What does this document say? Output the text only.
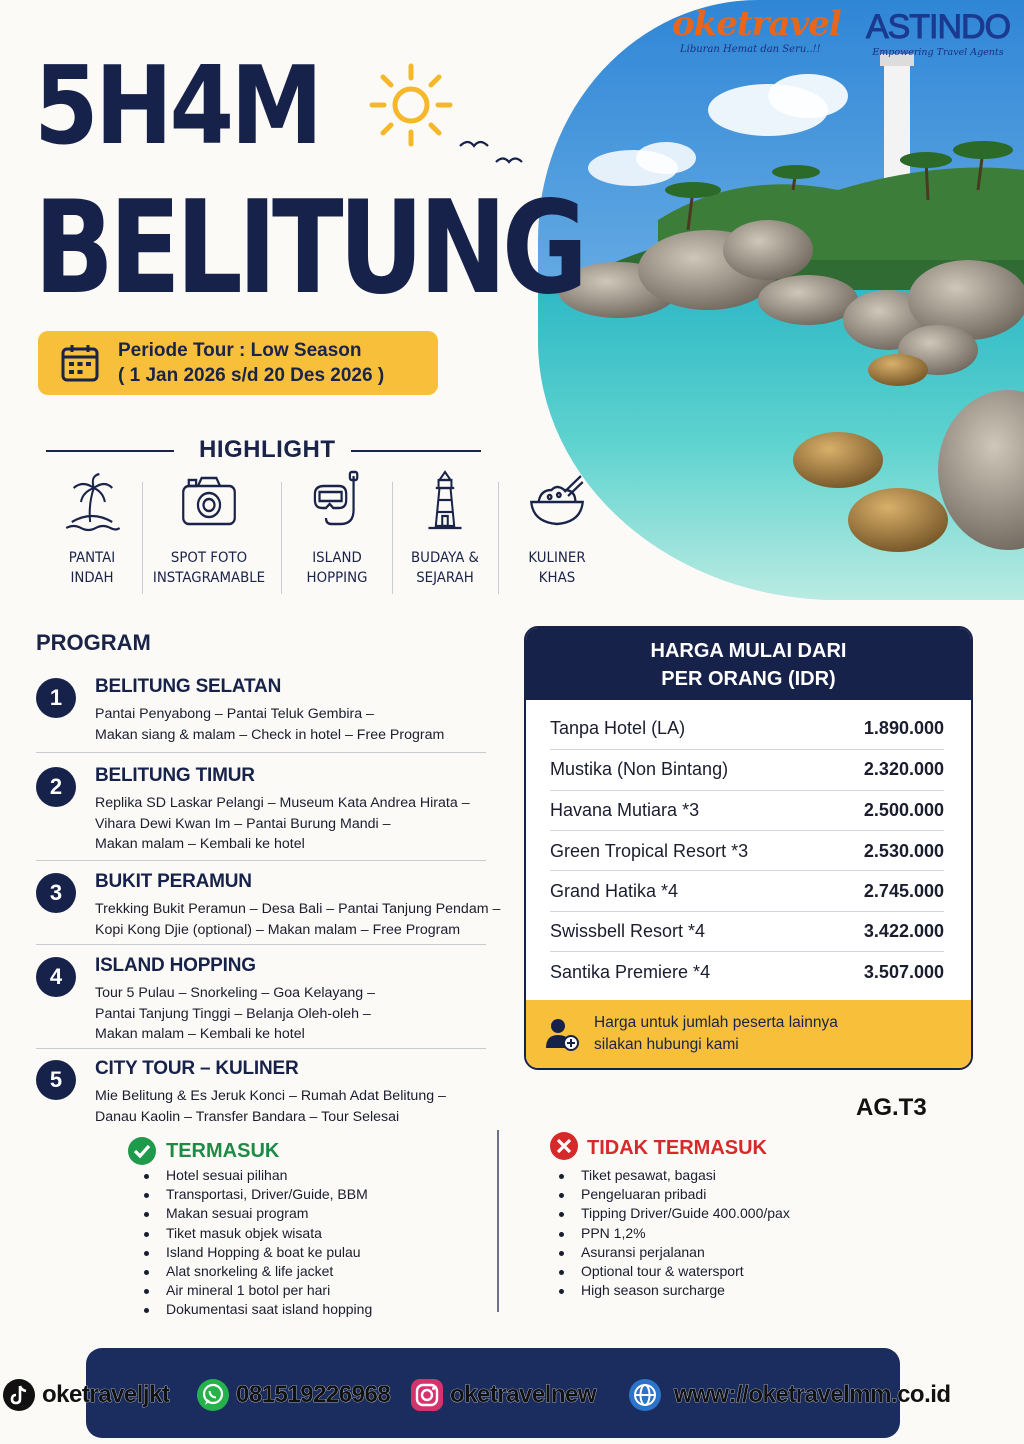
oketravel
Liburan Hemat dan Seru..!!
ASTINDO
Empowering Travel Agents
5H4M
BELITUNG
Periode Tour : Low Season
( 1 Jan 2026 s/d 20 Des 2026 )
HIGHLIGHT
PANTAI
INDAH
SPOT FOTO
INSTAGRAMABLE
ISLAND
HOPPING
BUDAYA &
SEJARAH
KULINER
KHAS
PROGRAM
1	BELITUNG SELATAN
Pantai Penyabong – Pantai Teluk Gembira –
Makan siang & malam – Check in hotel – Free Program
2	BELITUNG TIMUR
Replika SD Laskar Pelangi – Museum Kata Andrea Hirata –
Vihara Dewi Kwan Im – Pantai Burung Mandi –
Makan malam – Kembali ke hotel
3	BUKIT PERAMUN
Trekking Bukit Peramun – Desa Bali – Pantai Tanjung Pendam –
Kopi Kong Djie (optional) – Makan malam – Free Program
4	ISLAND HOPPING
Tour 5 Pulau – Snorkeling – Goa Kelayang –
Pantai Tanjung Tinggi – Belanja Oleh-oleh –
Makan malam – Kembali ke hotel
5	CITY TOUR – KULINER
Mie Belitung & Es Jeruk Konci – Rumah Adat Belitung –
Danau Kaolin – Transfer Bandara – Tour Selesai
HARGA MULAI DARI
PER ORANG (IDR)
Tanpa Hotel (LA)	1.890.000
Mustika (Non Bintang)	2.320.000
Havana Mutiara *3	2.500.000
Green Tropical Resort *3	2.530.000
Grand Hatika *4	2.745.000
Swissbell Resort *4	3.422.000
Santika Premiere *4	3.507.000
Harga untuk jumlah peserta lainnya
silakan hubungi kami
AG.T3
TERMASUK
Hotel sesuai pilihan
Transportasi, Driver/Guide, BBM
Makan sesuai program
Tiket masuk objek wisata
Island Hopping & boat ke pulau
Alat snorkeling & life jacket
Air mineral 1 botol per hari
Dokumentasi saat island hopping
TIDAK TERMASUK
Tiket pesawat, bagasi
Pengeluaran pribadi
Tipping Driver/Guide 400.000/pax
PPN 1,2%
Asuransi perjalanan
Optional tour & watersport
High season surcharge
oketraveljkt	081519226968 oketravelnew	www://oketravelmm.co.id
